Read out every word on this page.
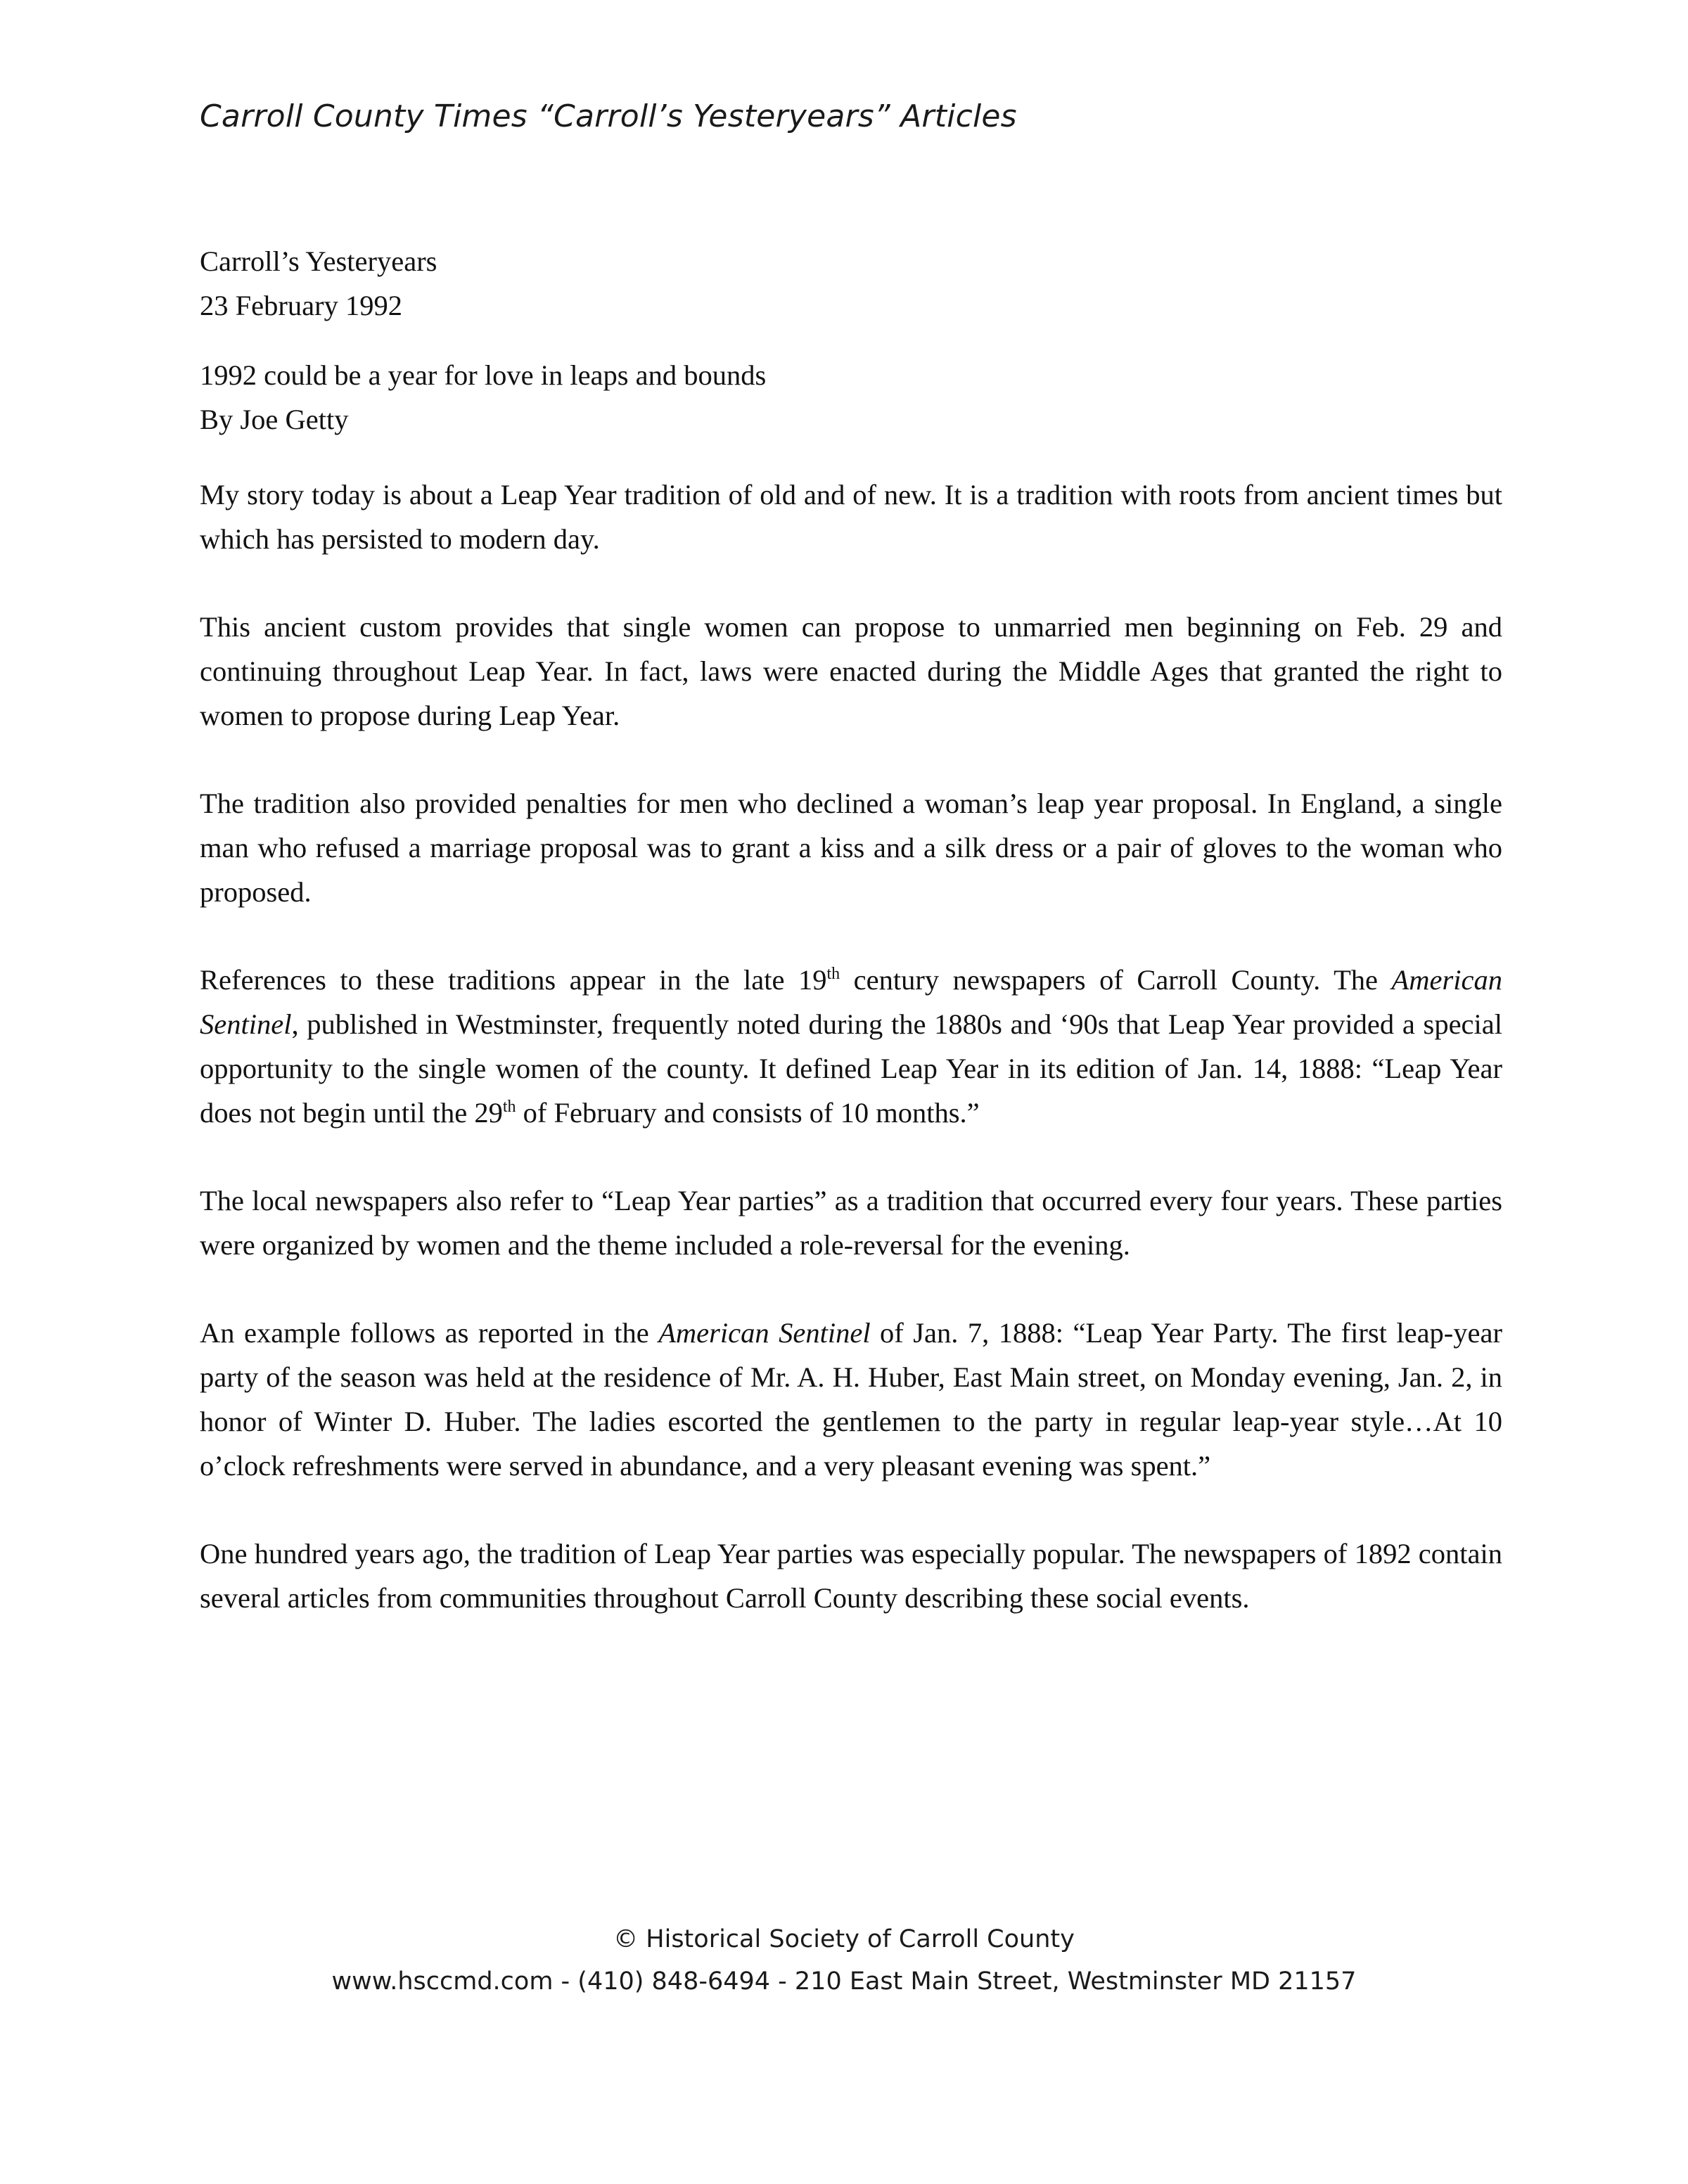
Carroll County Times “Carroll’s Yesteryears” Articles
Carroll’s Yesteryears
23 February 1992
1992 could be a year for love in leaps and bounds
By Joe Getty

My story today is about a Leap Year tradition of old and of new. It is a tradition with roots from ancient times but which has persisted to modern day.

This ancient custom provides that single women can propose to unmarried men beginning on Feb. 29 and continuing throughout Leap Year. In fact, laws were enacted during the Middle Ages that granted the right to women to propose during Leap Year.

The tradition also provided penalties for men who declined a woman’s leap year proposal. In England, a single man who refused a marriage proposal was to grant a kiss and a silk dress or a pair of gloves to the woman who proposed.

References to these traditions appear in the late 19th century newspapers of Carroll County. The American Sentinel, published in Westminster, frequently noted during the 1880s and ‘90s that Leap Year provided a special opportunity to the single women of the county. It defined Leap Year in its edition of Jan. 14, 1888: “Leap Year does not begin until the 29th of February and consists of 10 months.”

The local newspapers also refer to “Leap Year parties” as a tradition that occurred every four years. These parties were organized by women and the theme included a role-reversal for the evening.

An example follows as reported in the American Sentinel of Jan. 7, 1888: “Leap Year Party. The first leap-year party of the season was held at the residence of Mr. A. H. Huber, East Main street, on Monday evening, Jan. 2, in honor of Winter D. Huber. The ladies escorted the gentlemen to the party in regular leap-year style…At 10 o’clock refreshments were served in abundance, and a very pleasant evening was spent.”

One hundred years ago, the tradition of Leap Year parties was especially popular. The newspapers of 1892 contain several articles from communities throughout Carroll County describing these social events.

© Historical Society of Carroll County
www.hsccmd.com - (410) 848-6494 - 210 East Main Street, Westminster MD 21157
